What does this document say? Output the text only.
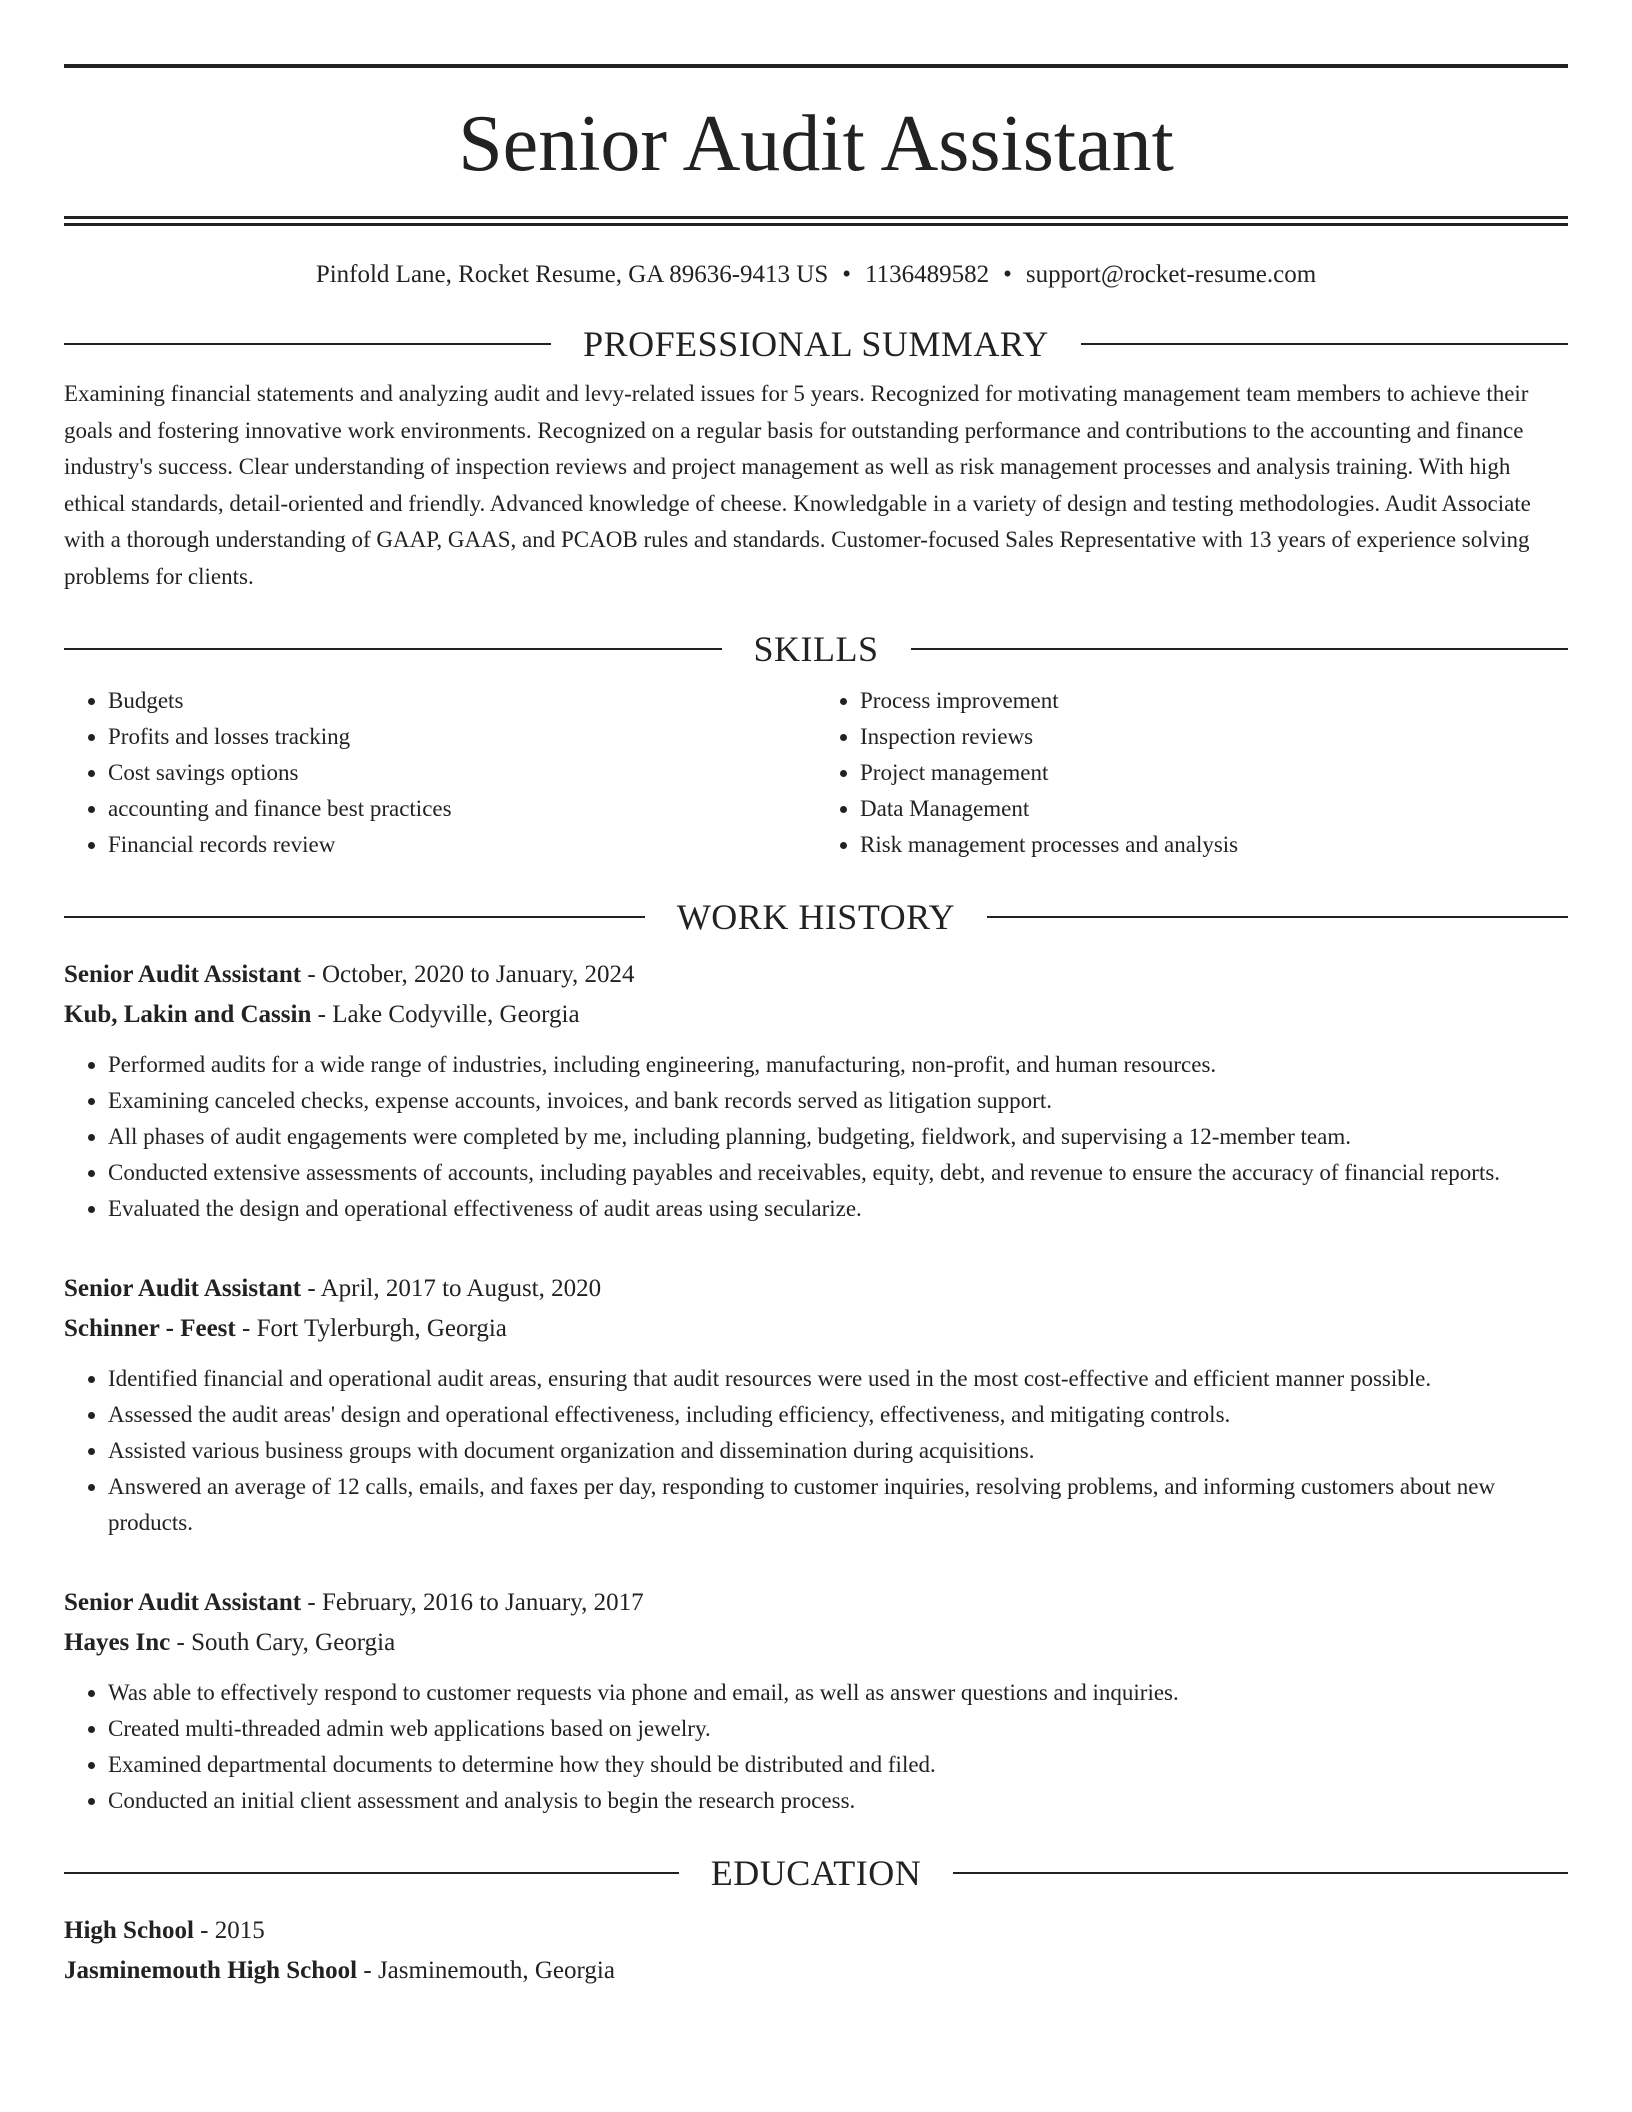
Senior Audit Assistant
Pinfold Lane, Rocket Resume, GA 89636-9413 US • 1136489582 • support@rocket-resume.com
PROFESSIONAL SUMMARY
Examining financial statements and analyzing audit and levy-related issues for 5 years. Recognized for motivating management team members to achieve their goals and fostering innovative work environments. Recognized on a regular basis for outstanding performance and contributions to the accounting and finance industry's success. Clear understanding of inspection reviews and project management as well as risk management processes and analysis training. With high ethical standards, detail-oriented and friendly. Advanced knowledge of cheese. Knowledgable in a variety of design and testing methodologies. Audit Associate with a thorough understanding of GAAP, GAAS, and PCAOB rules and standards. Customer-focused Sales Representative with 13 years of experience solving problems for clients.
SKILLS
• Budgets
• Profits and losses tracking
• Cost savings options
• accounting and finance best practices
• Financial records review
• Process improvement
• Inspection reviews
• Project management
• Data Management
• Risk management processes and analysis
WORK HISTORY
Senior Audit Assistant - October, 2020 to January, 2024
Kub, Lakin and Cassin - Lake Codyville, Georgia
• Performed audits for a wide range of industries, including engineering, manufacturing, non-profit, and human resources.
• Examining canceled checks, expense accounts, invoices, and bank records served as litigation support.
• All phases of audit engagements were completed by me, including planning, budgeting, fieldwork, and supervising a 12-member team.
• Conducted extensive assessments of accounts, including payables and receivables, equity, debt, and revenue to ensure the accuracy of financial reports.
• Evaluated the design and operational effectiveness of audit areas using secularize.
Senior Audit Assistant - April, 2017 to August, 2020
Schinner - Feest - Fort Tylerburgh, Georgia
• Identified financial and operational audit areas, ensuring that audit resources were used in the most cost-effective and efficient manner possible.
• Assessed the audit areas' design and operational effectiveness, including efficiency, effectiveness, and mitigating controls.
• Assisted various business groups with document organization and dissemination during acquisitions.
• Answered an average of 12 calls, emails, and faxes per day, responding to customer inquiries, resolving problems, and informing customers about new products.
Senior Audit Assistant - February, 2016 to January, 2017
Hayes Inc - South Cary, Georgia
• Was able to effectively respond to customer requests via phone and email, as well as answer questions and inquiries.
• Created multi-threaded admin web applications based on jewelry.
• Examined departmental documents to determine how they should be distributed and filed.
• Conducted an initial client assessment and analysis to begin the research process.
EDUCATION
High School - 2015
Jasminemouth High School - Jasminemouth, Georgia
